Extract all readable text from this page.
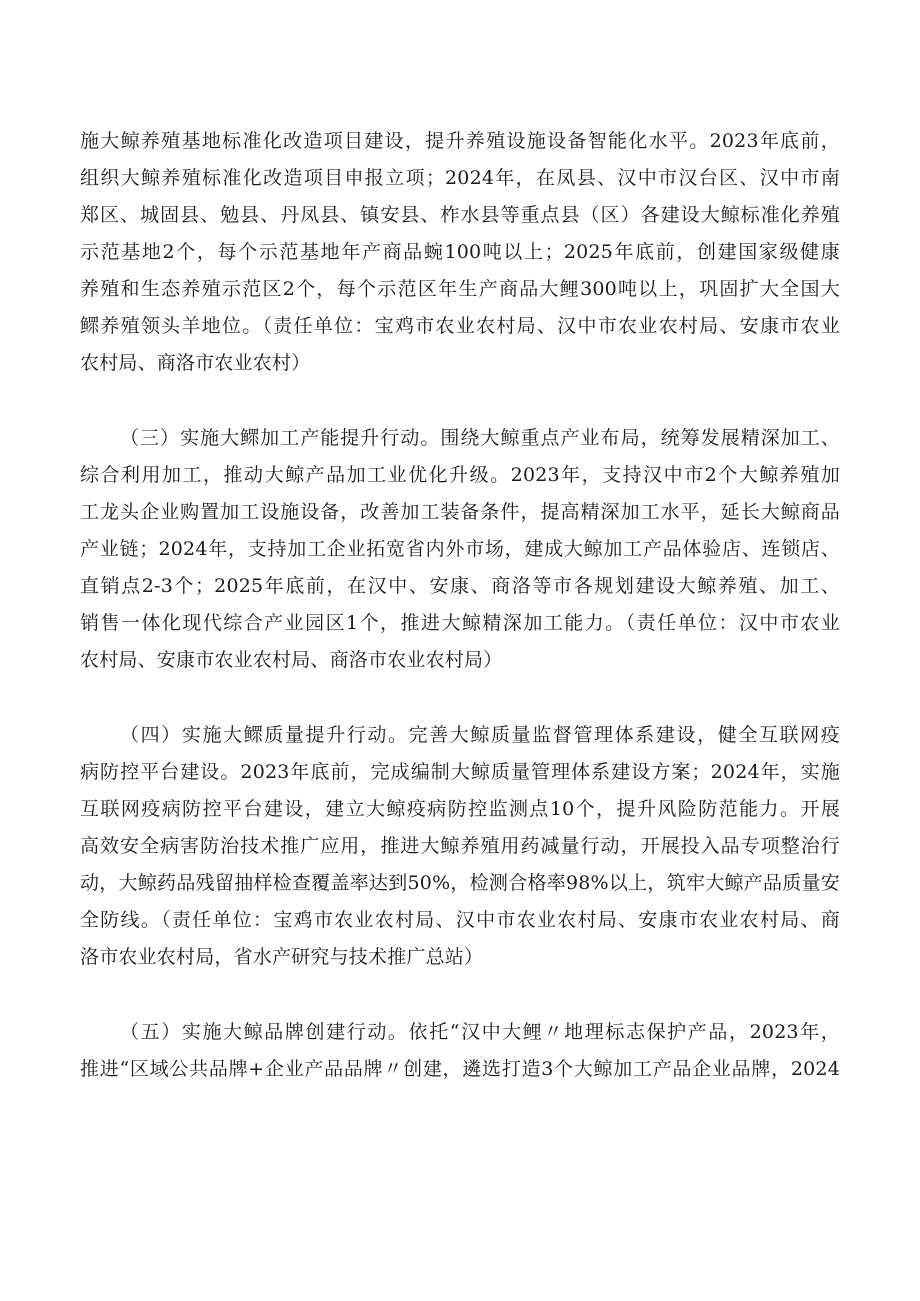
施大鲸养殖基地标准化改造项目建设，提升养殖设施设备智能化水平。2023年底前，
组织大鲸养殖标准化改造项目申报立项；2024年，在凤县、汉中市汉台区、汉中市南
郑区、城固县、勉县、丹凤县、镇安县、柞水县等重点县（区）各建设大鲸标准化养殖
示范基地2个，每个示范基地年产商品蜿100吨以上；2025年底前，创建国家级健康
养殖和生态养殖示范区2个，每个示范区年生产商品大鲤300吨以上，巩固扩大全国大
鳏养殖领头羊地位。（责任单位：宝鸡市农业农村局、汉中市农业农村局、安康市农业
农村局、商洛市农业农村）
（三）实施大鳏加工产能提升行动。围绕大鲸重点产业布局，统筹发展精深加工、
综合利用加工，推动大鲸产品加工业优化升级。2023年，支持汉中市2个大鲸养殖加
工龙头企业购置加工设施设备，改善加工装备条件，提高精深加工水平，延长大鲸商品
产业链；2024年，支持加工企业拓宽省内外市场，建成大鲸加工产品体验店、连锁店、
直销点2-3个；2025年底前，在汉中、安康、商洛等市各规划建设大鲸养殖、加工、
销售一体化现代综合产业园区1个，推进大鲸精深加工能力。（责任单位：汉中市农业
农村局、安康市农业农村局、商洛市农业农村局）
（四）实施大鳏质量提升行动。完善大鲸质量监督管理体系建设，健全互联网疫
病防控平台建设。2023年底前，完成编制大鲸质量管理体系建设方案；2024年，实施
互联网疫病防控平台建设，建立大鲸疫病防控监测点10个，提升风险防范能力。开展
高效安全病害防治技术推广应用，推进大鲸养殖用药减量行动，开展投入品专项整治行
动，大鲸药品残留抽样检查覆盖率达到50%，检测合格率98%以上，筑牢大鲸产品质量安
全防线。（责任单位：宝鸡市农业农村局、汉中市农业农村局、安康市农业农村局、商
洛市农业农村局，省水产研究与技术推广总站）
（五）实施大鲸品牌创建行动。依托“汉中大鲤〃地理标志保护产品，2023年，
推进“区域公共品牌+企业产品品牌〃创建，遴选打造3个大鲸加工产品企业品牌，2024
